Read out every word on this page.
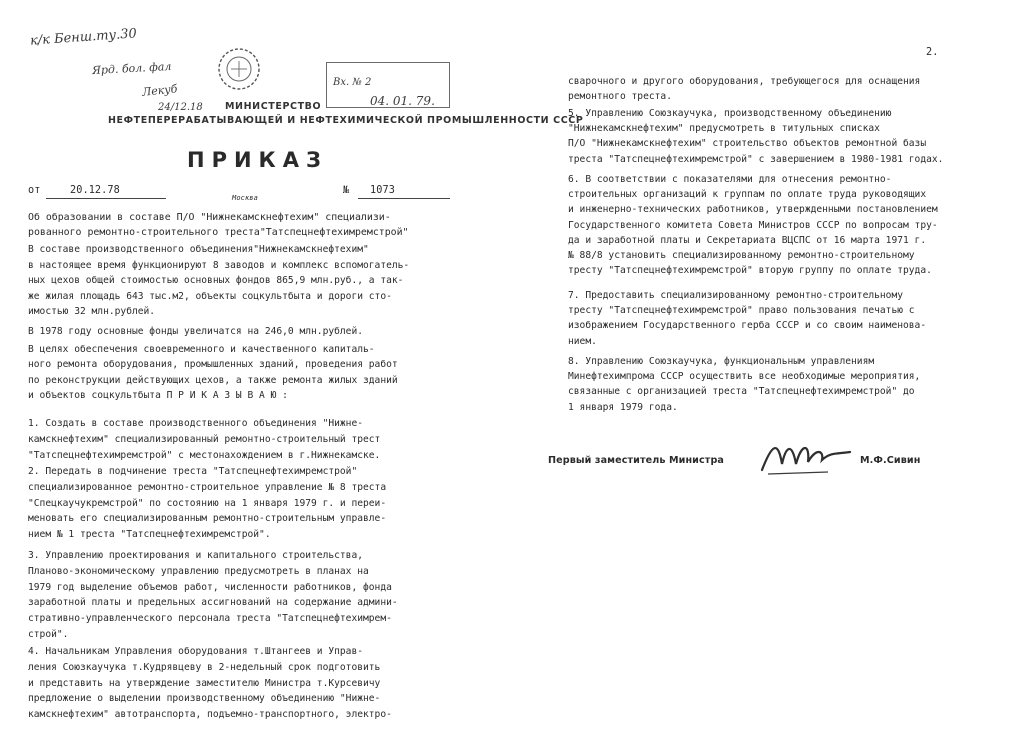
к/к Бенш.ту.30
Ярд. бол. фал
24/12.18
Лекуб
04. 01. 79.
Вх. № 2
МИНИСТЕРСТВО
НЕФТЕПЕРЕРАБАТЫВАЮЩЕЙ И НЕФТЕХИМИЧЕСКОЙ ПРОМЫШЛЕННОСТИ СССР
ПРИКАЗ
от	20.12.78
Москва
№	1073
Об образовании в составе П/О "Нижнекамскнефтехим" специализи-
рованного ремонтно-строительного треста"Татспецнефтехимремстрой"
В составе производственного объединения"Нижнекамскнефтехим"
в настоящее время функционируют 8 заводов и комплекс вспомогатель-
ных цехов общей стоимостью основных фондов 865,9 млн.руб., а так-
же жилая площадь 643 тыс.м2, объекты соцкультбыта и дороги сто-
имостью 32 млн.рублей.
В 1978 году основные фонды увеличатся на 246,0 млн.рублей.
В целях обеспечения своевременного и качественного капиталь-
ного ремонта оборудования, промышленных зданий, проведения работ
по реконструкции действующих цехов, а также ремонта жилых зданий
и объектов соцкультбыта П Р И К А З Ы В А Ю :
1. Создать в составе производственного объединения "Нижне-
камскнефтехим" специализированный ремонтно-строительный трест
"Татспецнефтехимремстрой" с местонахождением в г.Нижнекамске.
2. Передать в подчинение треста "Татспецнефтехимремстрой"
специализированное ремонтно-строительное управление № 8 треста
"Спецкаучукремстрой" по состоянию на 1 января 1979 г. и переи-
меновать его специализированным ремонтно-строительным управле-
нием № 1 треста "Татспецнефтехимремстрой".
3. Управлению проектирования и капитального строительства,
Планово-экономическому управлению предусмотреть в планах на
1979 год выделение объемов работ, численности работников, фонда
заработной платы и предельных ассигнований на содержание админи-
стративно-управленческого персонала треста "Татспецнефтехимрем-
строй".
4. Начальникам Управления оборудования т.Штангеев и Управ-
ления Союзкаучука т.Кудрявцеву в 2-недельный срок подготовить
и представить на утверждение заместителю Министра т.Курсевичу
предложение о выделении производственному объединению "Нижне-
камскнефтехим" автотранспорта, подъемно-транспортного, электро-
2.
сварочного и другого оборудования, требующегося для оснащения
ремонтного треста.
5. Управлению Союзкаучука, производственному объединению
"Нижнекамскнефтехим" предусмотреть в титульных списках
П/О "Нижнекамскнефтехим" строительство объектов ремонтной базы
треста "Татспецнефтехимремстрой" с завершением в 1980-1981 годах.
6. В соответствии с показателями для отнесения ремонтно-
строительных организаций к группам по оплате труда руководящих
и инженерно-технических работников, утвержденными постановлением
Государственного комитета Совета Министров СССР по вопросам тру-
да и заработной платы и Секретариата ВЦСПС от 16 марта 1971 г.
№ 88/8 установить специализированному ремонтно-строительному
тресту "Татспецнефтехимремстрой" вторую группу по оплате труда.
7. Предоставить специализированному ремонтно-строительному
тресту "Татспецнефтехимремстрой" право пользования печатью с
изображением Государственного герба СССР и со своим наименова-
нием.
8. Управлению Союзкаучука, функциональным управлениям
Минефтехимпрома СССР осуществить все необходимые мероприятия,
связанные с организацией треста "Татспецнефтехимремстрой" до
1 января 1979 года.
Первый заместитель Министра	М.Ф.Сивин
